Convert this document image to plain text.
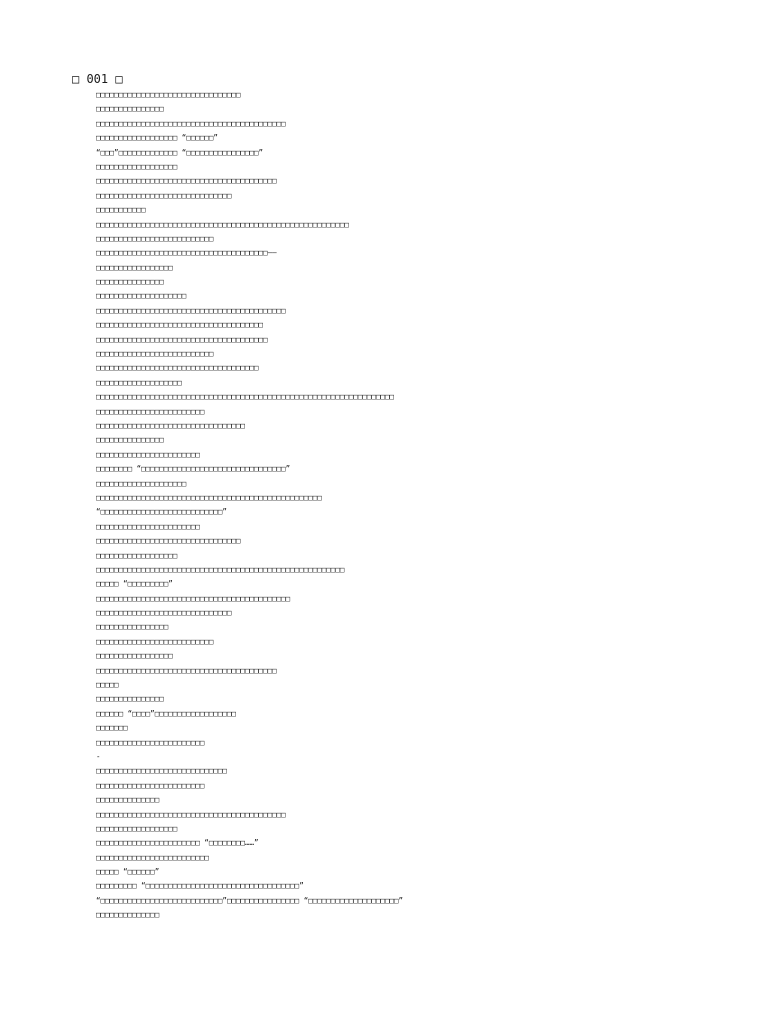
□ 001 □
□□□□□□□□□□□□□□□□□□□□□□□□□□□□□□□□
□□□□□□□□□□□□□□□
□□□□□□□□□□□□□□□□□□□□□□□□□□□□□□□□□□□□□□□□□□
□□□□□□□□□□□□□□□□□□ “□□□□□□”
“□□□”□□□□□□□□□□□□□ “□□□□□□□□□□□□□□□□”
□□□□□□□□□□□□□□□□□□
□□□□□□□□□□□□□□□□□□□□□□□□□□□□□□□□□□□□□□□□
□□□□□□□□□□□□□□□□□□□□□□□□□□□□□□
□□□□□□□□□□□
□□□□□□□□□□□□□□□□□□□□□□□□□□□□□□□□□□□□□□□□□□□□□□□□□□□□□□□□
□□□□□□□□□□□□□□□□□□□□□□□□□□
□□□□□□□□□□□□□□□□□□□□□□□□□□□□□□□□□□□□□□——
□□□□□□□□□□□□□□□□□
□□□□□□□□□□□□□□□
□□□□□□□□□□□□□□□□□□□□
□□□□□□□□□□□□□□□□□□□□□□□□□□□□□□□□□□□□□□□□□□
□□□□□□□□□□□□□□□□□□□□□□□□□□□□□□□□□□□□□
□□□□□□□□□□□□□□□□□□□□□□□□□□□□□□□□□□□□□□
□□□□□□□□□□□□□□□□□□□□□□□□□□
□□□□□□□□□□□□□□□□□□□□□□□□□□□□□□□□□□□□
□□□□□□□□□□□□□□□□□□□
□□□□□□□□□□□□□□□□□□□□□□□□□□□□□□□□□□□□□□□□□□□□□□□□□□□□□□□□□□□□□□□□□□
□□□□□□□□□□□□□□□□□□□□□□□□
□□□□□□□□□□□□□□□□□□□□□□□□□□□□□□□□□
□□□□□□□□□□□□□□□
□□□□□□□□□□□□□□□□□□□□□□□
□□□□□□□□ “□□□□□□□□□□□□□□□□□□□□□□□□□□□□□□□□”
□□□□□□□□□□□□□□□□□□□□
□□□□□□□□□□□□□□□□□□□□□□□□□□□□□□□□□□□□□□□□□□□□□□□□□□
“□□□□□□□□□□□□□□□□□□□□□□□□□□□”
□□□□□□□□□□□□□□□□□□□□□□□
□□□□□□□□□□□□□□□□□□□□□□□□□□□□□□□□
□□□□□□□□□□□□□□□□□□
□□□□□□□□□□□□□□□□□□□□□□□□□□□□□□□□□□□□□□□□□□□□□□□□□□□□□□□
□□□□□ “□□□□□□□□□”
□□□□□□□□□□□□□□□□□□□□□□□□□□□□□□□□□□□□□□□□□□□
□□□□□□□□□□□□□□□□□□□□□□□□□□□□□□
□□□□□□□□□□□□□□□□
□□□□□□□□□□□□□□□□□□□□□□□□□□
□□□□□□□□□□□□□□□□□
□□□□□□□□□□□□□□□□□□□□□□□□□□□□□□□□□□□□□□□□
□□□□□
□□□□□□□□□□□□□□□
□□□□□□ “□□□□”□□□□□□□□□□□□□□□□□□
□□□□□□□
□□□□□□□□□□□□□□□□□□□□□□□□
-
□□□□□□□□□□□□□□□□□□□□□□□□□□□□□
□□□□□□□□□□□□□□□□□□□□□□□□
□□□□□□□□□□□□□□
□□□□□□□□□□□□□□□□□□□□□□□□□□□□□□□□□□□□□□□□□□
□□□□□□□□□□□□□□□□□□
□□□□□□□□□□□□□□□□□□□□□□□ “□□□□□□□□……”
□□□□□□□□□□□□□□□□□□□□□□□□□
□□□□□ “□□□□□□”
□□□□□□□□□ “□□□□□□□□□□□□□□□□□□□□□□□□□□□□□□□□□□”
“□□□□□□□□□□□□□□□□□□□□□□□□□□□”□□□□□□□□□□□□□□□□ “□□□□□□□□□□□□□□□□□□□□”
□□□□□□□□□□□□□□
